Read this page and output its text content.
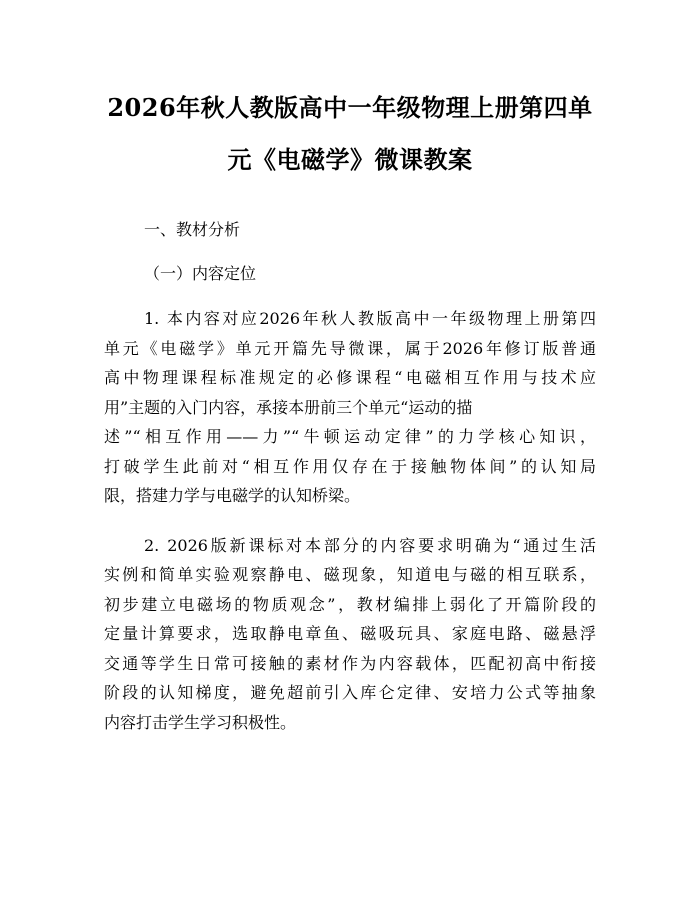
2026年秋人教版高中一年级物理上册第四单
元《电磁学》微课教案

一、教材分析

（一）内容定位

1. 本内容对应2026年秋人教版高中一年级物理上册第四
单元《电磁学》单元开篇先导微课，属于2026年修订版普通
高中物理课程标准规定的必修课程“电磁相互作用与技术应
用”主题的入门内容，承接本册前三个单元“运动的描
述”“相互作用——力”“牛顿运动定律”的力学核心知识，
打破学生此前对“相互作用仅存在于接触物体间”的认知局
限，搭建力学与电磁学的认知桥梁。
2. 2026版新课标对本部分的内容要求明确为“通过生活
实例和简单实验观察静电、磁现象，知道电与磁的相互联系，
初步建立电磁场的物质观念”，教材编排上弱化了开篇阶段的
定量计算要求，选取静电章鱼、磁吸玩具、家庭电路、磁悬浮
交通等学生日常可接触的素材作为内容载体，匹配初高中衔接
阶段的认知梯度，避免超前引入库仑定律、安培力公式等抽象
内容打击学生学习积极性。
